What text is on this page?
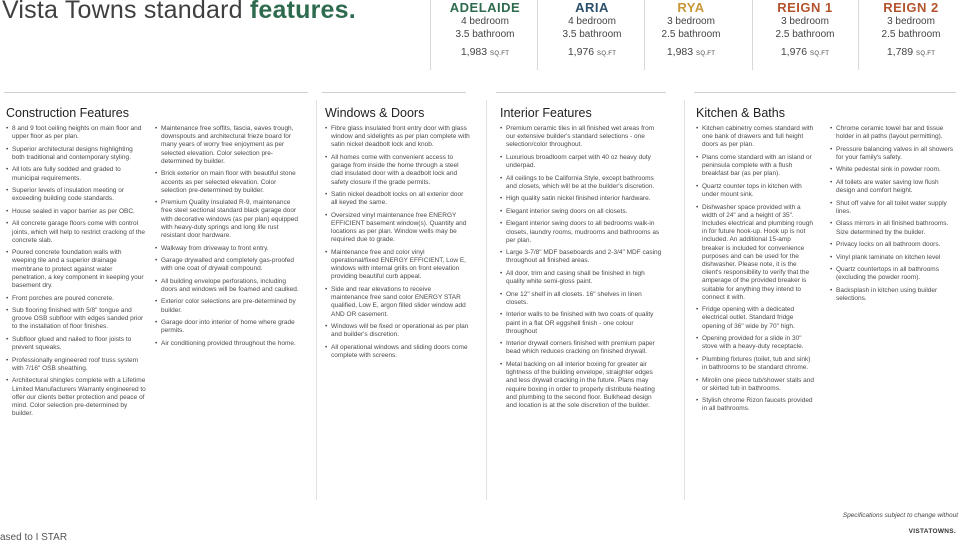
Vista Towns standard features.	ADELAIDE
4 bedroom
3.5 bathroom
1,983 SQ.FT
ARIA
4 bedroom
3.5 bathroom
1,976 SQ.FT
RYA
3 bedroom
2.5 bathroom
1,983 SQ.FT
REIGN 1
3 bedroom
2.5 bathroom
1,976 SQ.FT
REIGN 2
3 bedroom
2.5 bathroom
1,789 SQ.FT
Construction Features	Windows & Doors	Interior Features	Kitchen & Baths
• 8 and 9 foot ceiling heights on main floor and upper floor as per plan.
• Superior architectural designs highlighting both traditional and contemporary styling.
• All lots are fully sodded and graded to municipal requirements.
• Superior levels of insulation meeting or exceeding building code standards.
• House sealed in vapor barrier as per OBC.
• All concrete garage floors come with control joints, which will help to restrict cracking of the concrete slab.
• Poured concrete foundation walls with weeping tile and a superior drainage membrane to protect against water penetration, a key component in keeping your basement dry.
• Front porches are poured concrete.
• Sub flooring finished with 5/8" tongue and groove OSB subfloor with edges sanded prior to the installation of floor finishes.
• Subfloor glued and nailed to floor joists to prevent squeaks.
• Professionally engineered roof truss system with 7/16" OSB sheathing.
• Architectural shingles complete with a Lifetime Limited Manufacturers Warranty engineered to offer our clients better protection and peace of mind. Color selection pre-determined by builder.
• Maintenance free soffits, fascia, eaves trough, downspouts and architectural frieze board for many years of worry free enjoyment as per selected elevation. Color selection pre-determined by builder.
• Brick exterior on main floor with beautiful stone accents as per selected elevation. Color selection pre-determined by builder.
• Premium Quality Insulated R-9, maintenance free steel sectional standard black garage door with decorative windows (as per plan) equipped with heavy-duty springs and long life rust resistant door hardware.
• Walkway from driveway to front entry.
• Garage drywalled and completely gas-proofed with one coat of drywall compound.
• All building envelope perforations, including doors and windows will be foamed and caulked.
• Exterior color selections are pre-determined by builder.
• Garage door into interior of home where grade permits.
• Air conditioning provided throughout the home.
• Fibre glass insulated front entry door with glass window and sidelights as per plan complete with satin nickel deadbolt lock and knob.
• All homes come with convenient access to garage from inside the home through a steel clad insulated door with a deadbolt lock and safety closure if the grade permits.
• Satin nickel deadbolt locks on all exterior door all keyed the same.
• Oversized vinyl maintenance free ENERGY EFFICIENT basement window(s). Quantity and locations as per plan. Window wells may be required due to grade.
• Maintenance free and color vinyl operational/fixed ENERGY EFFICIENT, Low E, windows with internal grills on front elevation providing beautiful curb appeal.
• Side and rear elevations to receive maintenance free sand color ENERGY STAR qualified, Low E, argon filled slider window add AND OR casement.
• Windows will be fixed or operational as per plan and builder's discretion.
• All operational windows and sliding doors come complete with screens.
• Premium ceramic tiles in all finished wet areas from our extensive builder's standard selections - one selection/color throughout.
• Luxurious broadloom carpet with 40 oz heavy duty underpad.
• All ceilings to be California Style, except bathrooms and closets, which will be at the builder's discretion.
• High quality satin nickel finished interior hardware.
• Elegant interior swing doors on all closets.
• Elegant interior swing doors to all bedrooms walk-in closets, laundry rooms, mudrooms and bathrooms as per plan.
• Large 3-7/8" MDF baseboards and 2-3/4" MDF casing throughout all finished areas.
• All door, trim and casing shall be finished in high quality white semi-gloss paint.
• One 12" shelf in all closets. 16" shelves in linen closets.
• Interior walls to be finished with two coats of quality paint in a flat OR eggshell finish - one colour throughout
• Interior drywall corners finished with premium paper bead which reduces cracking on finished drywall.
• Metal backing on all interior boxing for greater air tightness of the building envelope, straighter edges and less drywall cracking in the future. Plans may require boxing in order to properly distribute heating and plumbing to the second floor. Bulkhead design and location is at the sole discretion of the builder.
• Kitchen cabinetry comes standard with one bank of drawers and full height doors as per plan.
• Plans come standard with an island or peninsula complete with a flush breakfast bar (as per plan).
• Quartz counter tops in kitchen with under mount sink.
• Dishwasher space provided with a width of 24" and a height of 35". Includes electrical and plumbing rough in for future hook-up. Hook up is not included. An additional 15-amp breaker is included for convenience purposes and can be used for the dishwasher. Please note, it is the client's responsibility to verify that the amperage of the provided breaker is suitable for anything they intend to connect it with.
• Fridge opening with a dedicated electrical outlet. Standard fridge opening of 36" wide by 70" high.
• Opening provided for a slide in 30" stove with a heavy-duty receptacle.
• Plumbing fixtures (toilet, tub and sink) in bathrooms to be standard chrome.
• Mirolin one piece tub/shower stalls and or skirted tub in bathrooms.
• Stylish chrome Rizon faucets provided in all bathrooms.
• Chrome ceramic towel bar and tissue holder in all paths (layout permitting).
• Pressure balancing valves in all showers for your family's safety.
• White pedestal sink in powder room.
• All toilets are water saving low flush design and comfort height.
• Shut off valve for all toilet water supply lines.
• Glass mirrors in all finished bathrooms. Size determined by the builder.
• Privacy locks on all bathroom doors.
• Vinyl plank laminate on kitchen level
• Quartz countertops in all bathrooms (excluding the powder room).
• Backsplash in kitchen using builder selections.
Specifications subject to change without
VISTATOWNS.
ased to I STAR
